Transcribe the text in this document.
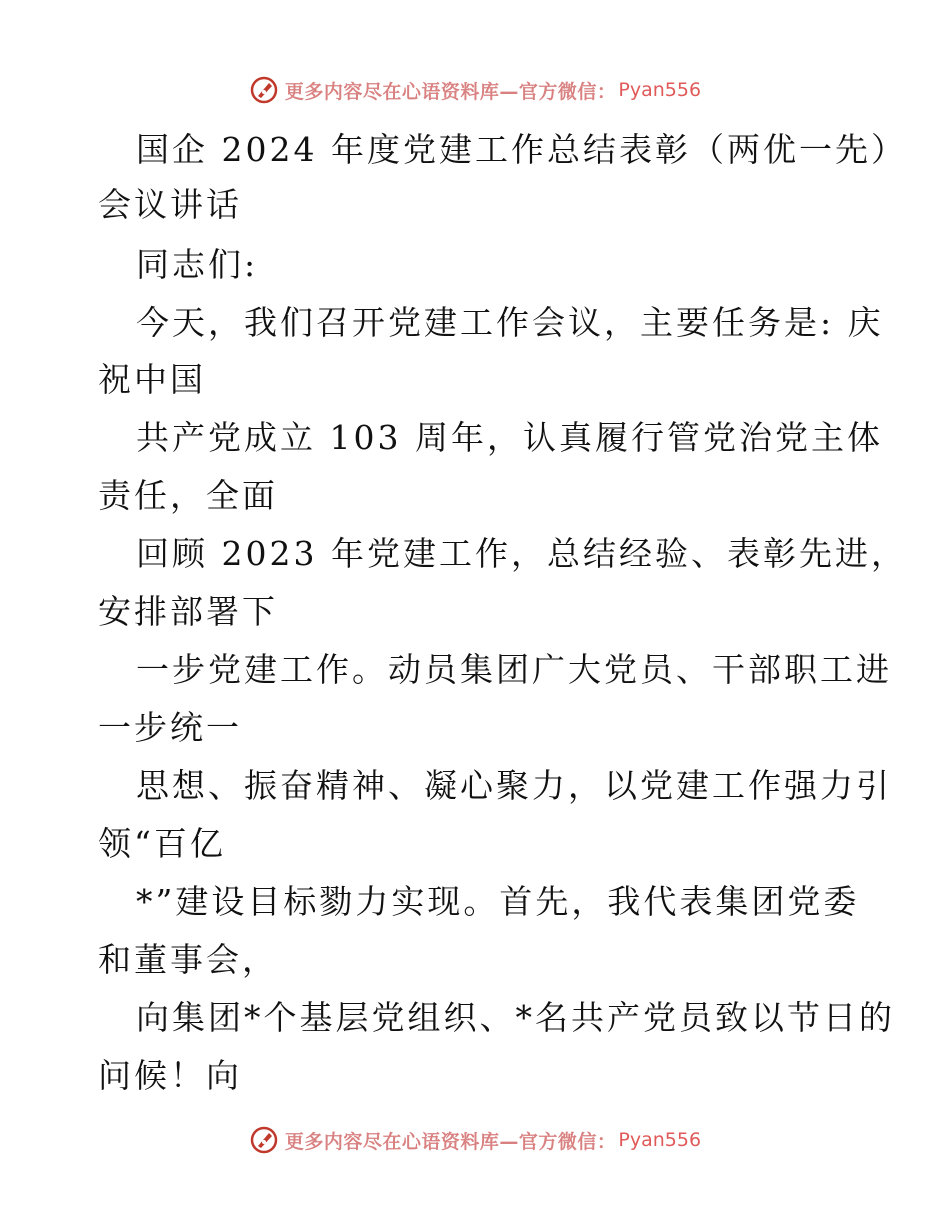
更多内容尽在心语资料库—官方微信： Pyan556
国企 2024 年度党建工作总结表彰（两优一先）
会议讲话
同志们:
今天，我们召开党建工作会议，主要任务是: 庆
祝中国
共产党成立 103 周年，认真履行管党治党主体
责任，全面
回顾 2023 年党建工作，总结经验、表彰先进，
安排部署下
一步党建工作。动员集团广大党员、干部职工进
一步统一
思想、振奋精神、凝心聚力，以党建工作强力引
领“百亿
*”建设目标勠力实现。首先，我代表集团党委
和董事会，
向集团*个基层党组织、*名共产党员致以节日的
问候！向
更多内容尽在心语资料库—官方微信： Pyan556
